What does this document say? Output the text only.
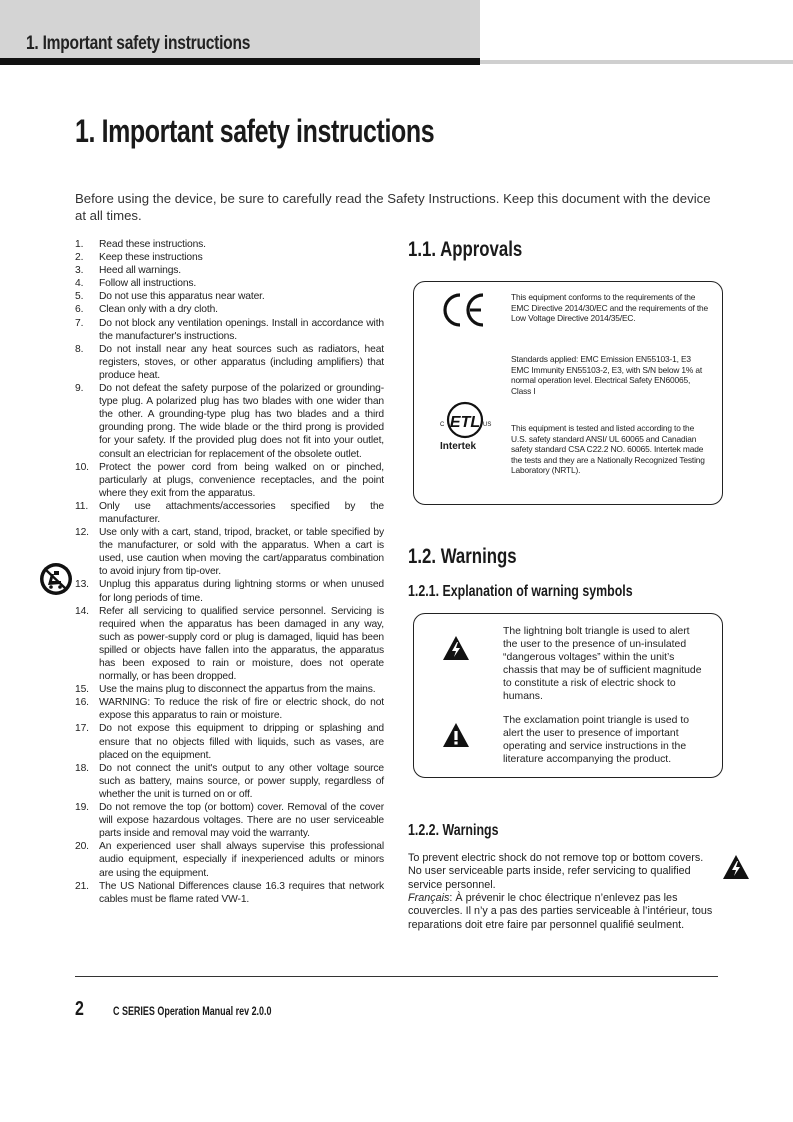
1. Important safety instructions
1. Important safety instructions
Before using the device, be sure to carefully read the Safety Instructions. Keep this document with the device at all times.
1. Read these instructions.
2. Keep these instructions
3. Heed all warnings.
4. Follow all instructions.
5. Do not use this apparatus near water.
6. Clean only with a dry cloth.
7. Do not block any ventilation openings. Install in accordance with the manufacturer's instructions.
8. Do not install near any heat sources such as radiators, heat registers, stoves, or other apparatus (including amplifiers) that produce heat.
9. Do not defeat the safety purpose of the polarized or grounding-type plug. A polarized plug has two blades with one wider than the other. A grounding-type plug has two blades and a third grounding prong. The wide blade or the third prong is provided for your safety. If the provided plug does not fit into your outlet, consult an electrician for replacement of the obsolete outlet.
10. Protect the power cord from being walked on or pinched, particularly at plugs, convenience receptacles, and the point where they exit from the apparatus.
11. Only use attachments/accessories specified by the manufacturer.
12. Use only with a cart, stand, tripod, bracket, or table specified by the manufacturer, or sold with the apparatus. When a cart is used, use caution when moving the cart/apparatus combination to avoid injury from tip-over.
13. Unplug this apparatus during lightning storms or when unused for long periods of time.
14. Refer all servicing to qualified service personnel. Servicing is required when the apparatus has been damaged in any way, such as power-supply cord or plug is damaged, liquid has been spilled or objects have fallen into the apparatus, the apparatus has been exposed to rain or moisture, does not operate normally, or has been dropped.
15. Use the mains plug to disconnect the appartus from the mains.
16. WARNING: To reduce the risk of fire or electric shock, do not expose this apparatus to rain or moisture.
17. Do not expose this equipment to dripping or splashing and ensure that no objects filled with liquids, such as vases, are placed on the equipment.
18. Do not connect the unit's output to any other voltage source such as battery, mains source, or power supply, regardless of whether the unit is turned on or off.
19. Do not remove the top (or bottom) cover. Removal of the cover will expose hazardous voltages. There are no user serviceable parts inside and removal may void the warranty.
20. An experienced user shall always supervise this professional audio equipment, especially if inexperienced adults or minors are using the equipment.
21. The US National Differences clause 16.3 requires that network cables must be flame rated VW-1.
1.1. Approvals
This equipment conforms to the requirements of the EMC Directive 2014/30/EC and the requirements of the Low Voltage Directive 2014/35/EC.
Standards applied: EMC Emission EN55103-1, E3 EMC Immunity EN55103-2, E3, with S/N below 1% at normal operation level. Electrical Safety EN60065, Class I
ETL
C	US
Intertek
This equipment is tested and listed according to the U.S. safety standard ANSI/ UL 60065 and Canadian safety standard CSA C22.2 NO. 60065. Intertek made the tests and they are a Nationally Recognized Testing Laboratory (NRTL).
1.2. Warnings
1.2.1. Explanation of warning symbols
The lightning bolt triangle is used to alert the user to the presence of un-insulated “dangerous voltages” within the unit’s chassis that may be of sufficient magnitude to constitute a risk of electric shock to humans.
The exclamation point triangle is used to alert the user to presence of important operating and service instructions in the literature accompanying the product.
1.2.2. Warnings
To prevent electric shock do not remove top or bottom covers. No user serviceable parts inside, refer servicing to qualified service personnel.
Français: À prévenir le choc électrique n’enlevez pas les couvercles. Il n’y a pas des parties serviceable à l’intérieur, tous reparations doit etre faire par personnel qualifié seulment.
2	C SERIES Operation Manual rev 2.0.0
